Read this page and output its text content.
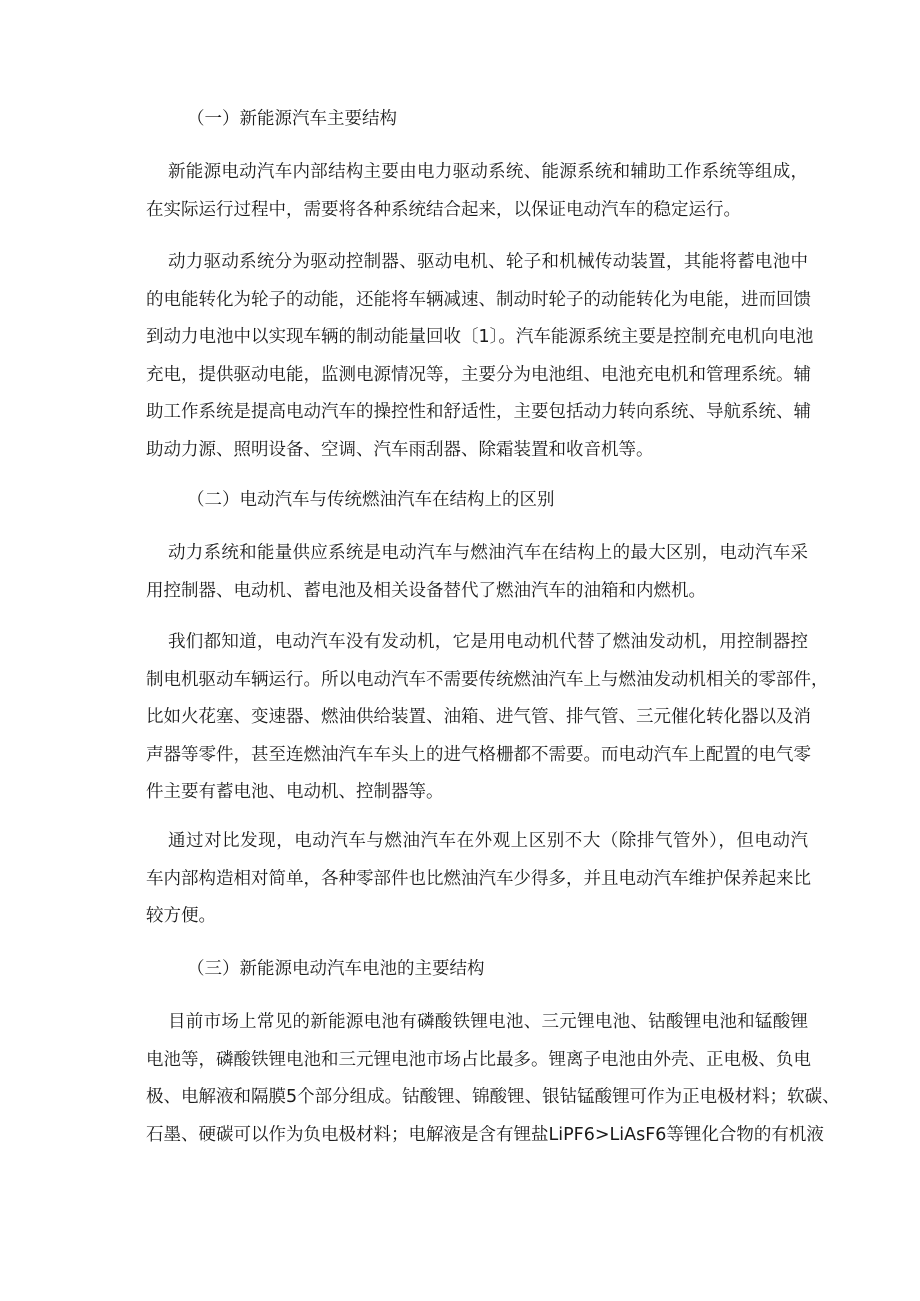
（一）新能源汽车主要结构
新能源电动汽车内部结构主要由电力驱动系统、能源系统和辅助工作系统等组成，
在实际运行过程中，需要将各种系统结合起来，以保证电动汽车的稳定运行。
动力驱动系统分为驱动控制器、驱动电机、轮子和机械传动装置，其能将蓄电池中
的电能转化为轮子的动能，还能将车辆减速、制动时轮子的动能转化为电能，进而回馈
到动力电池中以实现车辆的制动能量回收〔1〕。汽车能源系统主要是控制充电机向电池
充电，提供驱动电能，监测电源情况等，主要分为电池组、电池充电机和管理系统。辅
助工作系统是提高电动汽车的操控性和舒适性，主要包括动力转向系统、导航系统、辅
助动力源、照明设备、空调、汽车雨刮器、除霜装置和收音机等。
（二）电动汽车与传统燃油汽车在结构上的区别
动力系统和能量供应系统是电动汽车与燃油汽车在结构上的最大区别，电动汽车采
用控制器、电动机、蓄电池及相关设备替代了燃油汽车的油箱和内燃机。
我们都知道，电动汽车没有发动机，它是用电动机代替了燃油发动机，用控制器控
制电机驱动车辆运行。所以电动汽车不需要传统燃油汽车上与燃油发动机相关的零部件，
比如火花塞、变速器、燃油供给装置、油箱、进气管、排气管、三元催化转化器以及消
声器等零件，甚至连燃油汽车车头上的进气格栅都不需要。而电动汽车上配置的电气零
件主要有蓄电池、电动机、控制器等。
通过对比发现，电动汽车与燃油汽车在外观上区别不大（除排气管外），但电动汽
车内部构造相对简单，各种零部件也比燃油汽车少得多，并且电动汽车维护保养起来比
较方便。
（三）新能源电动汽车电池的主要结构
目前市场上常见的新能源电池有磷酸铁锂电池、三元锂电池、钴酸锂电池和锰酸锂
电池等，磷酸铁锂电池和三元锂电池市场占比最多。锂离子电池由外壳、正电极、负电
极、电解液和隔膜5个部分组成。钴酸锂、锦酸锂、银钻锰酸锂可作为正电极材料；软碳、
石墨、硬碳可以作为负电极材料；电解液是含有锂盐LiPF6>LiAsF6等锂化合物的有机液
